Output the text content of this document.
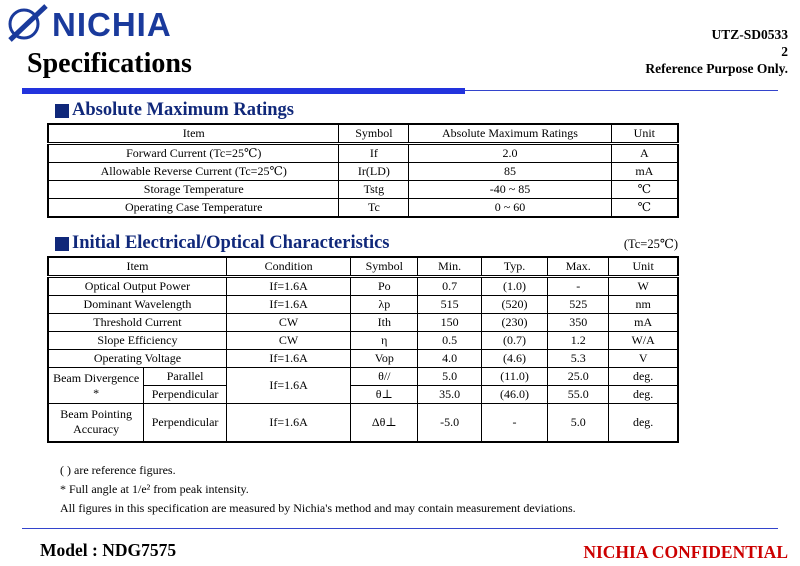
NICHIA
Specifications
UTZ-SD0533
2
Reference Purpose Only.
Absolute Maximum Ratings
Item	Symbol	Absolute Maximum Ratings	Unit
Forward Current (Tc=25℃)	If	2.0	A
Allowable Reverse Current (Tc=25℃)	Ir(LD)	85	mA
Storage Temperature	Tstg	-40 ~ 85	℃
Operating Case Temperature	Tc	0 ~ 60	℃
Initial Electrical/Optical Characteristics	(Tc=25℃)
Item		Condition	Symbol	Min.	Typ.	Max.	Unit
Optical Output Power		If=1.6A	Po	0.7	(1.0)	-	W
Dominant Wavelength		If=1.6A	λp	515	(520)	525	nm
Threshold Current		CW	Ith	150	(230)	350	mA
Slope Efficiency		CW	η	0.5	(0.7)	1.2	W/A
Operating Voltage		If=1.6A	Vop	4.0	(4.6)	5.3	V
Beam Divergence *	Parallel	If=1.6A	θ//	5.0	(11.0)	25.0	deg.
	Perpendicular		θ⊥	35.0	(46.0)	55.0	deg.
Beam Pointing Accuracy	Perpendicular	If=1.6A	Δθ⊥	-5.0	-	5.0	deg.
( ) are reference figures.
* Full angle at 1/e² from peak intensity.
All figures in this specification are measured by Nichia's method and may contain measurement deviations.
Model : NDG7575	NICHIA CONFIDENTIAL
